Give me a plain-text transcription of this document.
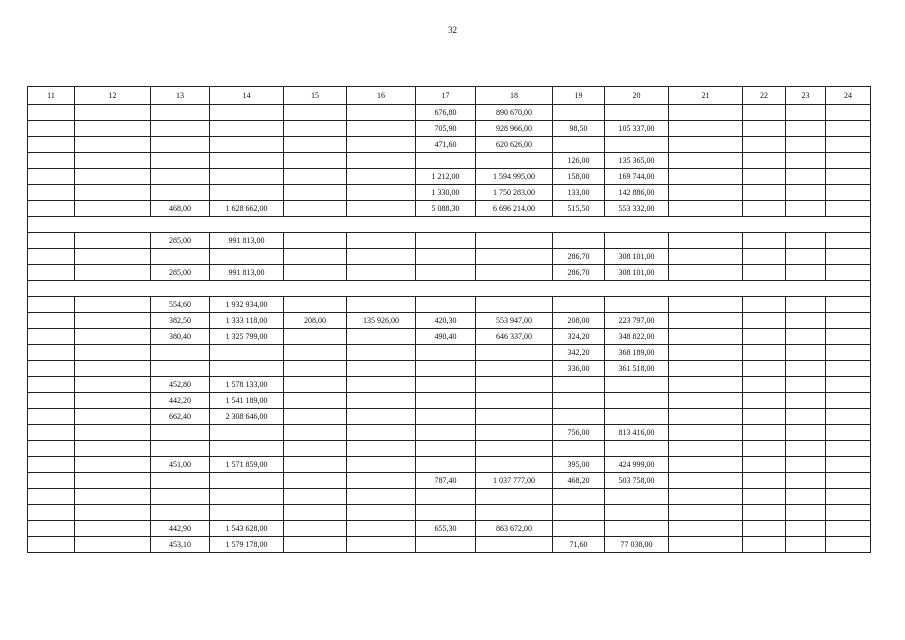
32
11	12	13	14	15	16	17	18	19	20	21	22	23	24
						676,80	890 670,00						
						705,90	928 966,00	98,50	105 337,00				
						471,60	620 626,00						
								126,00	135 365,00				
						1 212,00	1 594 995,00	158,00	169 744,00				
						1 330,00	1 750 283,00	133,00	142 886,00				
		468,00	1 628 662,00			5 088,30	6 696 214,00	515,50	553 332,00				

		285,00	991 813,00										
								286,70	308 101,00				
		285,00	991 813,00					286,70	308 101,00				

		554,60	1 932 934,00										
		382,50	1 333 118,00	208,00	135 926,00	420,30	553 947,00	208,00	223 797,00				
		380,40	1 325 799,00			490,40	646 337,00	324,20	348 822,00				
								342,20	368 189,00				
								336,00	361 518,00				
		452,80	1 578 133,00										
		442,20	1 541 189,00										
		662,40	2 308 646,00										
								756,00	813 416,00				

		451,00	1 571 859,00					395,00	424 999,00				
						787,40	1 037 777,00	468,20	503 758,00				

		442,90	1 543 628,00			655,30	863 672,00						
		453,10	1 579 178,00					71,60	77 038,00				
